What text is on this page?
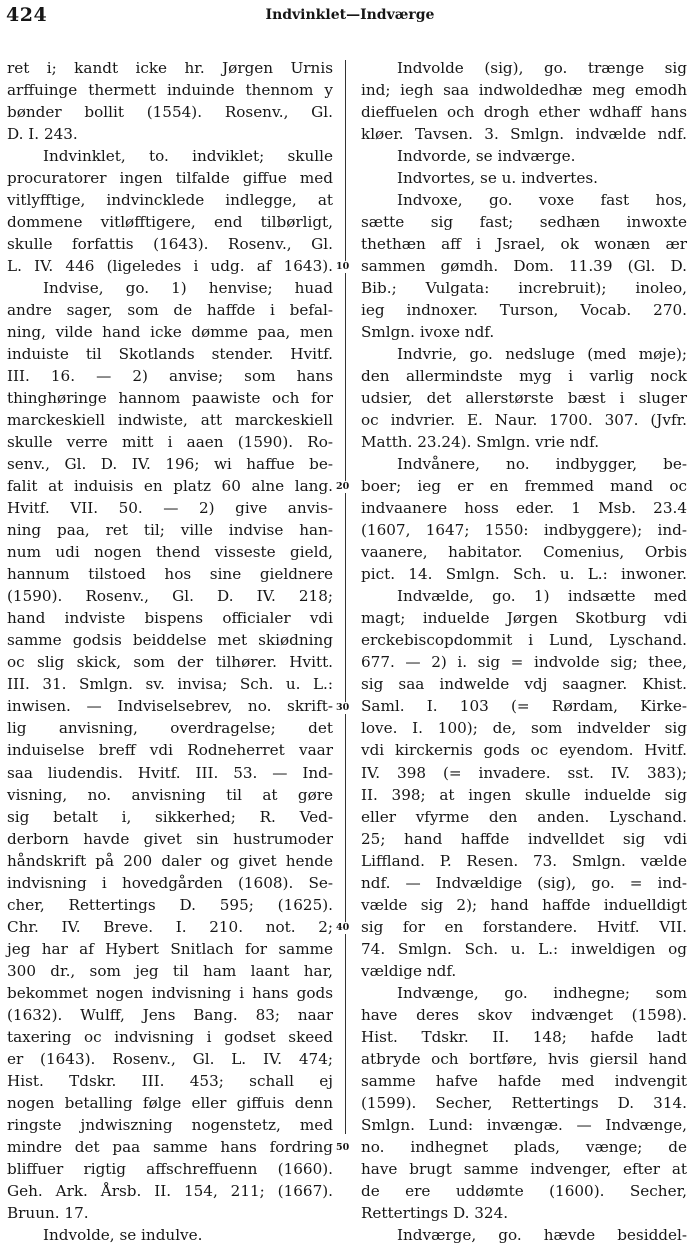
424	Indvinklet—Indværge
ret i; kandt icke hr. Jørgen Urnis
arffuinge thermett induinde thennom y
bønder bollit (1554). Rosenv., Gl.
D. I. 243.
Indvinklet, to. indviklet; skulle
procuratorer ingen tilfalde giffue med
vitlyfftige, indvincklede indlegge, at
dommene vitløfftigere, end tilbørligt,
skulle forfattis (1643). Rosenv., Gl.
L. IV. 446 (ligeledes i udg. af 1643).
Indvise, go. 1) henvise; huad
andre sager, som de haffde i befal-
ning, vilde hand icke dømme paa, men
induiste til Skotlands stender. Hvitf.
III. 16. — 2) anvise; som hans
thinghøringe hannom paawiste och for
marckeskiell indwiste, att marckeskiell
skulle verre mitt i aaen (1590). Ro-
senv., Gl. D. IV. 196; wi haffue be-
falit at induisis en platz 60 alne lang.
Hvitf. VII. 50. — 2) give anvis-
ning paa, ret til; ville indvise han-
num udi nogen thend visseste gield,
hannum tilstoed hos sine gieldnere
(1590). Rosenv., Gl. D. IV. 218;
hand indviste bispens officialer vdi
samme godsis beiddelse met skiødning
oc slig skick, som der tilhører. Hvitt.
III. 31. Smlgn. sv. invisa; Sch. u. L.:
inwisen. — Indviselsebrev, no. skrift-
lig anvisning, overdragelse; det
induiselse breff vdi Rodneherret vaar
saa liudendis. Hvitf. III. 53. — Ind-
visning, no. anvisning til at gøre
sig betalt i, sikkerhed; R. Ved-
derborn havde givet sin hustrumoder
håndskrift på 200 daler og givet hende
indvisning i hovedgården (1608). Se-
cher, Rettertings D. 595; (1625).
Chr. IV. Breve. I. 210. not. 2;
jeg har af Hybert Snitlach for samme
300 dr., som jeg til ham laant har,
bekommet nogen indvisning i hans gods
(1632). Wulff, Jens Bang. 83; naar
taxering oc indvisning i godset skeed
er (1643). Rosenv., Gl. L. IV. 474;
Hist. Tdskr. III. 453; schall ej
nogen betalling følge eller giffuis denn
ringste jndwiszning nogenstetz, med
mindre det paa samme hans fordring
bliffuer rigtig affschreffuenn (1660).
Geh. Ark. Årsb. II. 154, 211; (1667).
Bruun. 17.
Indvolde, se indulve.
Indvolde (sig), go. trænge sig
ind; iegh saa indwoldedhæ meg emodh
dieffuelen och drogh ether wdhaff hans
kløer. Tavsen. 3. Smlgn. indvælde ndf.
Indvorde, se indværge.
Indvortes, se u. indvertes.
Indvoxe, go. voxe fast hos,
sætte sig fast; sedhæn inwoxte
thethæn aff i Jsrael, ok wonæn ær
sammen gømdh. Dom. 11.39 (Gl. D.
Bib.; Vulgata: increbruit); inoleo,
ieg indnoxer. Turson, Vocab. 270.
Smlgn. ivoxe ndf.
Indvrie, go. nedsluge (med møje);
den allermindste myg i varlig nock
udsier, det allerstørste bæst i sluger
oc indvrier. E. Naur. 1700. 307. (Jvfr.
Matth. 23.24). Smlgn. vrie ndf.
Indvånere, no. indbygger, be-
boer; ieg er en fremmed mand oc
indvaanere hoss eder. 1 Msb. 23.4
(1607, 1647; 1550: indbyggere); ind-
vaanere, habitator. Comenius, Orbis
pict. 14. Smlgn. Sch. u. L.: inwoner.
Indvælde, go. 1) indsætte med
magt; induelde Jørgen Skotburg vdi
erckebiscopdommit i Lund, Lyschand.
677. — 2) i. sig = indvolde sig; thee,
sig saa indwelde vdj saagner. Khist.
Saml. I. 103 (= Rørdam, Kirke-
love. I. 100); de, som indvelder sig
vdi kirckernis gods oc eyendom. Hvitf.
IV. 398 (= invadere. sst. IV. 383);
II. 398; at ingen skulle induelde sig
eller vfyrme den anden. Lyschand.
25; hand haffde indvelldet sig vdi
Liffland. P. Resen. 73. Smlgn. vælde
ndf. — Indvældige (sig), go. = ind-
vælde sig 2); hand haffde induelldigt
sig for en forstandere. Hvitf. VII.
74. Smlgn. Sch. u. L.: inweldigen og
vældige ndf.
Indvænge, go. indhegne; som
have deres skov indvænget (1598).
Hist. Tdskr. II. 148; hafde ladt
atbryde och bortføre, hvis giersil hand
samme hafve hafde med indvengit
(1599). Secher, Rettertings D. 314.
Smlgn. Lund: invængæ. — Indvænge,
no. indhegnet plads, vænge; de
have brugt samme indvenger, efter at
de ere uddømte (1600). Secher,
Rettertings D. 324.
Indværge, go. hævde besiddel-
10
20
30
40
50
